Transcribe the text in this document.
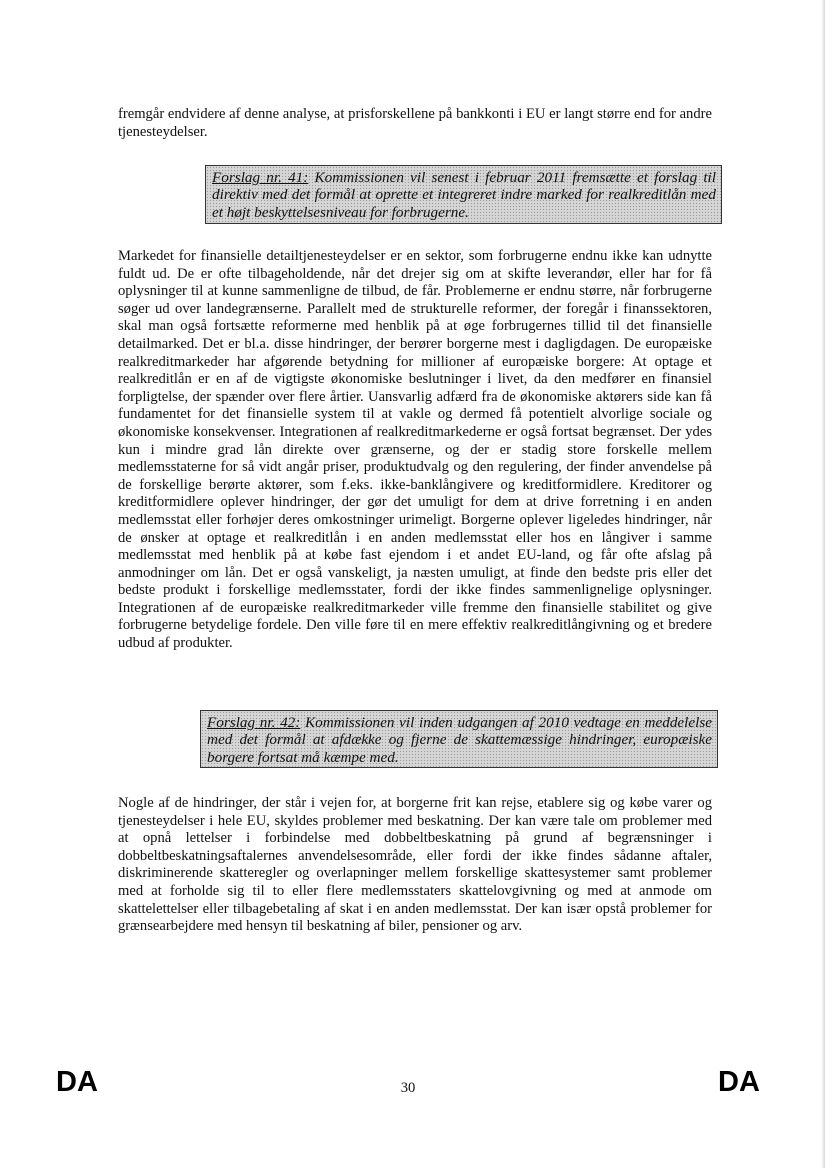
fremgår endvidere af denne analyse, at prisforskellene på bankkonti i EU er langt større end for andre tjenesteydelser.

Forslag nr. 41: Kommissionen vil senest i februar 2011 fremsætte et forslag til direktiv med det formål at oprette et integreret indre marked for realkreditlån med et højt beskyttelsesniveau for forbrugerne.

Markedet for finansielle detailtjenesteydelser er en sektor, som forbrugerne endnu ikke kan udnytte fuldt ud. De er ofte tilbageholdende, når det drejer sig om at skifte leverandør, eller har for få oplysninger til at kunne sammenligne de tilbud, de får. Problemerne er endnu større, når forbrugerne søger ud over landegrænserne. Parallelt med de strukturelle reformer, der foregår i finanssektoren, skal man også fortsætte reformerne med henblik på at øge forbrugernes tillid til det finansielle detailmarked. Det er bl.a. disse hindringer, der berører borgerne mest i dagligdagen. De europæiske realkreditmarkeder har afgørende betydning for millioner af europæiske borgere: At optage et realkreditlån er en af de vigtigste økonomiske beslutninger i livet, da den medfører en finansiel forpligtelse, der spænder over flere årtier. Uansvarlig adfærd fra de økonomiske aktørers side kan få fundamentet for det finansielle system til at vakle og dermed få potentielt alvorlige sociale og økonomiske konsekvenser. Integrationen af realkreditmarkederne er også fortsat begrænset. Der ydes kun i mindre grad lån direkte over grænserne, og der er stadig store forskelle mellem medlemsstaterne for så vidt angår priser, produktudvalg og den regulering, der finder anvendelse på de forskellige berørte aktører, som f.eks. ikke-banklångivere og kreditformidlere. Kreditorer og kreditformidlere oplever hindringer, der gør det umuligt for dem at drive forretning i en anden medlemsstat eller forhøjer deres omkostninger urimeligt. Borgerne oplever ligeledes hindringer, når de ønsker at optage et realkreditlån i en anden medlemsstat eller hos en långiver i samme medlemsstat med henblik på at købe fast ejendom i et andet EU-land, og får ofte afslag på anmodninger om lån. Det er også vanskeligt, ja næsten umuligt, at finde den bedste pris eller det bedste produkt i forskellige medlemsstater, fordi der ikke findes sammenlignelige oplysninger. Integrationen af de europæiske realkreditmarkeder ville fremme den finansielle stabilitet og give forbrugerne betydelige fordele. Den ville føre til en mere effektiv realkreditlångivning og et bredere udbud af produkter.

Forslag nr. 42: Kommissionen vil inden udgangen af 2010 vedtage en meddelelse med det formål at afdække og fjerne de skattemæssige hindringer, europæiske borgere fortsat må kæmpe med.

Nogle af de hindringer, der står i vejen for, at borgerne frit kan rejse, etablere sig og købe varer og tjenesteydelser i hele EU, skyldes problemer med beskatning. Der kan være tale om problemer med at opnå lettelser i forbindelse med dobbeltbeskatning på grund af begrænsninger i dobbeltbeskatningsaftalernes anvendelsesområde, eller fordi der ikke findes sådanne aftaler, diskriminerende skatteregler og overlapninger mellem forskellige skattesystemer samt problemer med at forholde sig til to eller flere medlemsstaters skattelovgivning og med at anmode om skattelettelser eller tilbagebetaling af skat i en anden medlemsstat. Der kan især opstå problemer for grænsearbejdere med hensyn til beskatning af biler, pensioner og arv.

DA	30	DA
